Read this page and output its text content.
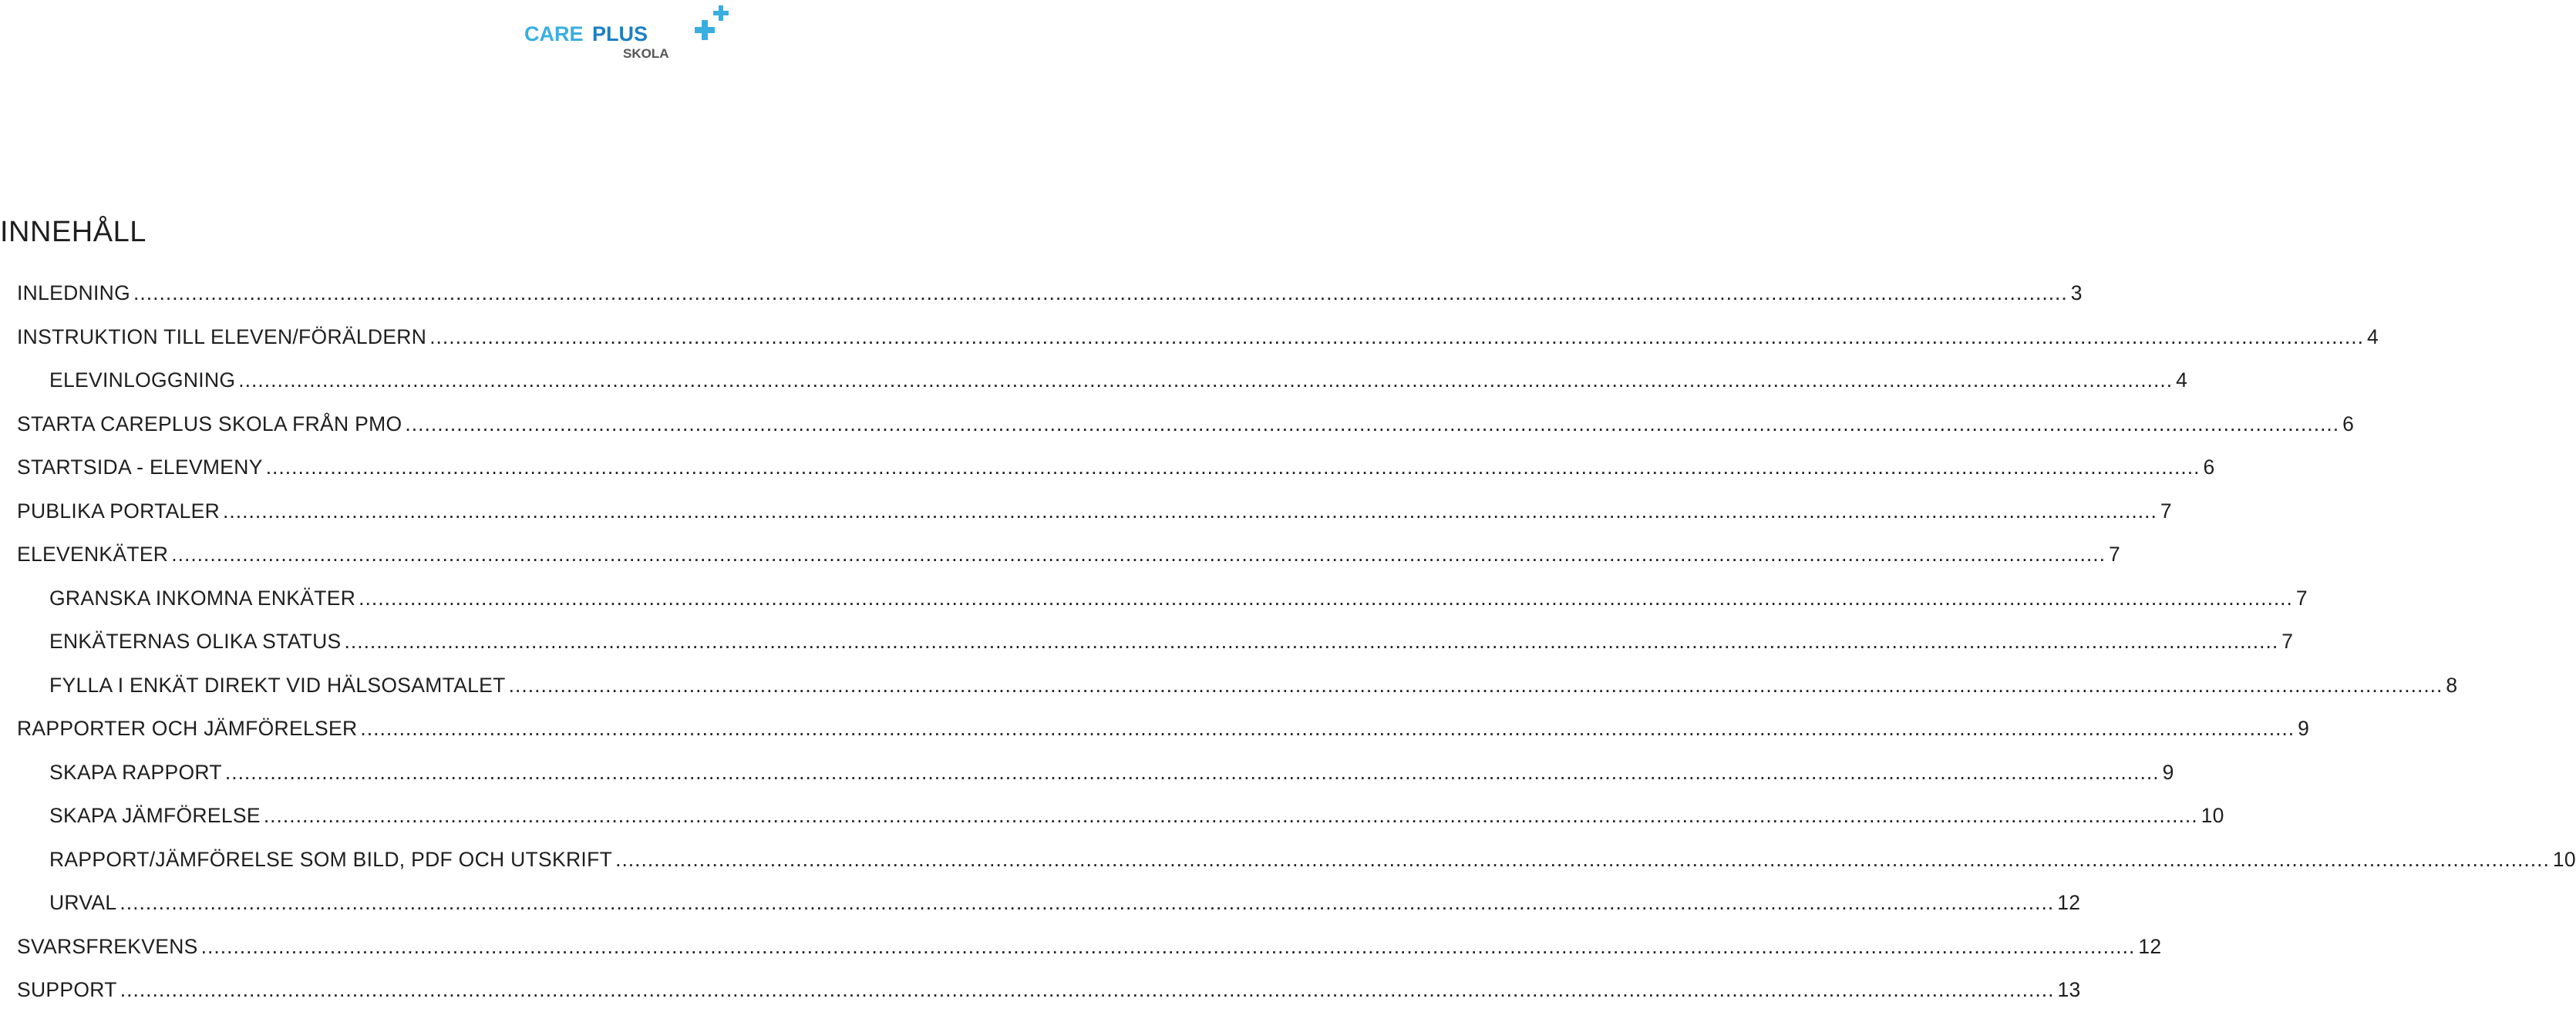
CARE PLUS
SKOLA
INNEHÅLL
INLEDNING ............................................................................................................................................................................................................................................................................................................ 3
INSTRUKTION TILL ELEVEN/FÖRÄLDERN ............................................................................................................................................................................................................................................................................................................ 4
ELEVINLOGGNING ............................................................................................................................................................................................................................................................................................................ 4
STARTA CAREPLUS SKOLA FRÅN PMO ............................................................................................................................................................................................................................................................................................................ 6
STARTSIDA - ELEVMENY ............................................................................................................................................................................................................................................................................................................ 6
PUBLIKA PORTALER ............................................................................................................................................................................................................................................................................................................ 7
ELEVENKÄTER ............................................................................................................................................................................................................................................................................................................ 7
GRANSKA INKOMNA ENKÄTER ............................................................................................................................................................................................................................................................................................................ 7
ENKÄTERNAS OLIKA STATUS ............................................................................................................................................................................................................................................................................................................ 7
FYLLA I ENKÄT DIREKT VID HÄLSOSAMTALET ............................................................................................................................................................................................................................................................................................................ 8
RAPPORTER OCH JÄMFÖRELSER ............................................................................................................................................................................................................................................................................................................ 9
SKAPA RAPPORT ............................................................................................................................................................................................................................................................................................................ 9
SKAPA JÄMFÖRELSE ............................................................................................................................................................................................................................................................................................................ 10
RAPPORT/JÄMFÖRELSE SOM BILD, PDF OCH UTSKRIFT ............................................................................................................................................................................................................................................................................................................ 10
URVAL ............................................................................................................................................................................................................................................................................................................ 12
SVARSFREKVENS ............................................................................................................................................................................................................................................................................................................ 12
SUPPORT ............................................................................................................................................................................................................................................................................................................ 13
